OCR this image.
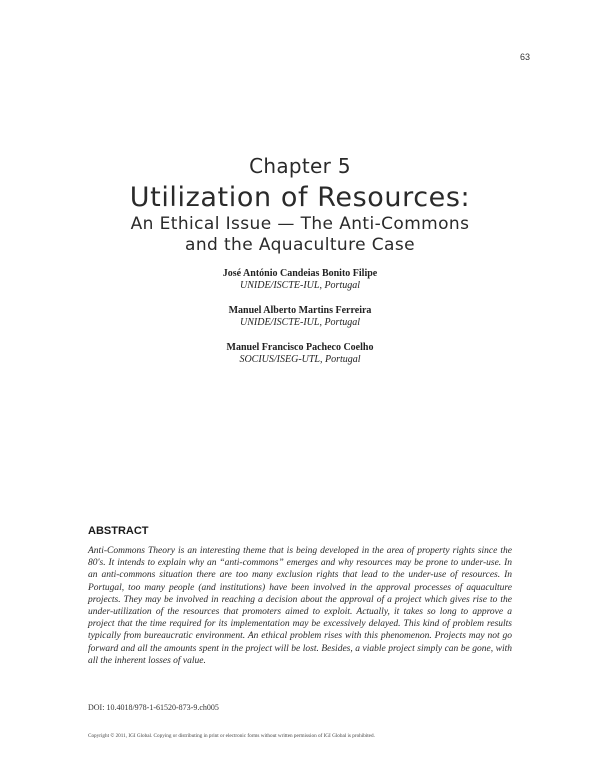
63
Chapter 5
Utilization of Resources:
An Ethical Issue — The Anti-Commons
and the Aquaculture Case
José António Candeias Bonito Filipe
UNIDE/ISCTE-IUL, Portugal
Manuel Alberto Martins Ferreira
UNIDE/ISCTE-IUL, Portugal
Manuel Francisco Pacheco Coelho
SOCIUS/ISEG-UTL, Portugal
ABSTRACT
Anti-Commons Theory is an interesting theme that is being developed in the area of property rights since the 80's. It intends to explain why an “anti-commons” emerges and why resources may be prone to under-use. In an anti-commons situation there are too many exclusion rights that lead to the under-use of resources. In Portugal, too many people (and institutions) have been involved in the approval processes of aquaculture projects. They may be involved in reaching a decision about the approval of a project which gives rise to the under-utilization of the resources that promoters aimed to exploit. Actually, it takes so long to approve a project that the time required for its implementation may be excessively delayed. This kind of problem results typically from bureaucratic environment. An ethical problem rises with this phenomenon. Projects may not go forward and all the amounts spent in the project will be lost. Besides, a viable project simply can be gone, with all the inherent losses of value.
DOI: 10.4018/978-1-61520-873-9.ch005
Copyright © 2011, IGI Global. Copying or distributing in print or electronic forms without written permission of IGI Global is prohibited.
